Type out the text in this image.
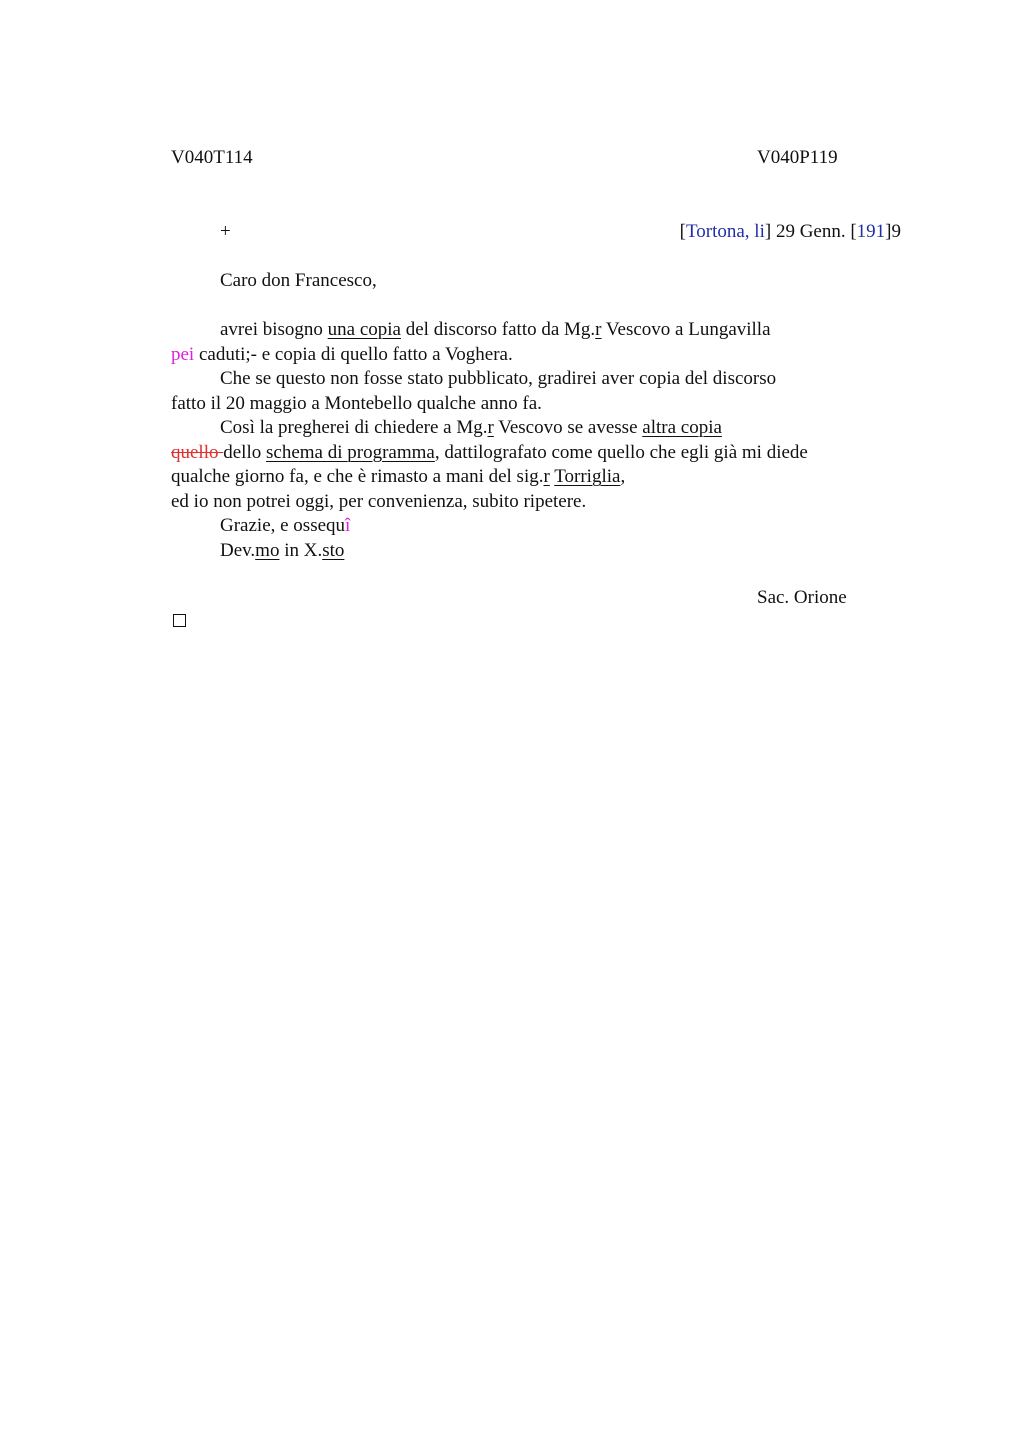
V040T114	V040P119
+	[Tortona, li] 29 Genn. [191]9
Caro don Francesco,
avrei bisogno una copia del discorso fatto da Mg.r Vescovo a Lungavilla
pei caduti;- e copia di quello fatto a Voghera.
Che se questo non fosse stato pubblicato, gradirei aver copia del discorso
fatto il 20 maggio a Montebello qualche anno fa.
Così la pregherei di chiedere a Mg.r Vescovo se avesse altra copia
quello dello schema di programma, dattilografato come quello che egli già mi diede
qualche giorno fa, e che è rimasto a mani del sig.r Torriglia,
ed io non potrei oggi, per convenienza, subito ripetere.
Grazie, e ossequî
Dev.mo in X.sto
Sac. Orione
